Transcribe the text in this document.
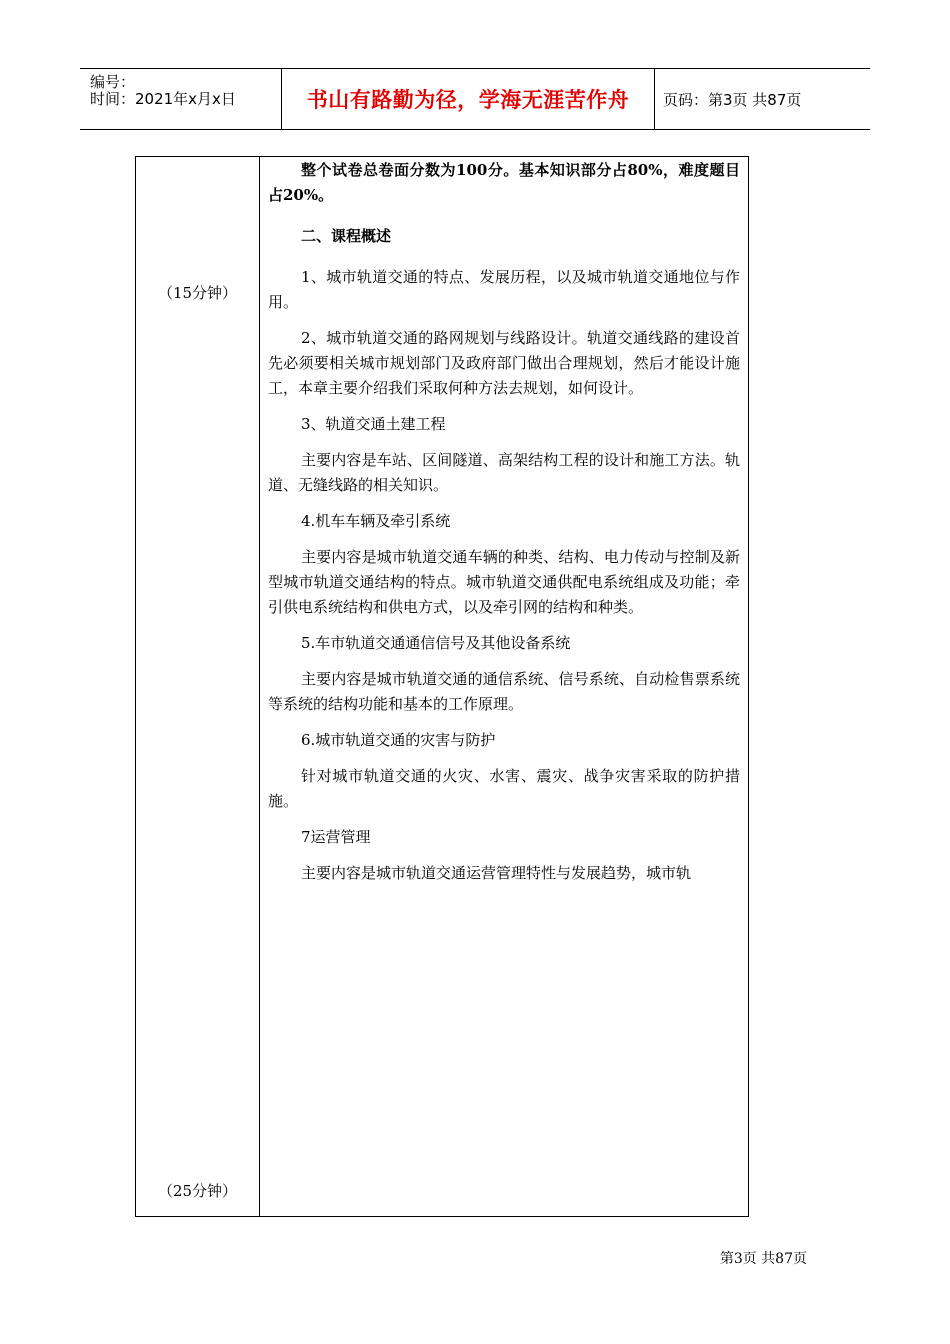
编号：
时间：2021年x月x日	书山有路勤为径，学海无涯苦作舟	页码：第3页 共87页
（15分钟）
（25分钟）

整个试卷总卷面分数为100分。基本知识部分占80%，难度题目占20%。

二、课程概述

1、城市轨道交通的特点、发展历程，以及城市轨道交通地位与作用。

2、城市轨道交通的路网规划与线路设计。轨道交通线路的建设首先必须要相关城市规划部门及政府部门做出合理规划，然后才能设计施工，本章主要介绍我们采取何种方法去规划，如何设计。

3、轨道交通土建工程

主要内容是车站、区间隧道、高架结构工程的设计和施工方法。轨道、无缝线路的相关知识。

4.机车车辆及牵引系统

主要内容是城市轨道交通车辆的种类、结构、电力传动与控制及新型城市轨道交通结构的特点。城市轨道交通供配电系统组成及功能；牵引供电系统结构和供电方式，以及牵引网的结构和种类。

5.车市轨道交通通信信号及其他设备系统

主要内容是城市轨道交通的通信系统、信号系统、自动检售票系统等系统的结构功能和基本的工作原理。

6.城市轨道交通的灾害与防护

针对城市轨道交通的火灾、水害、震灾、战争灾害采取的防护措施。

7运营管理

主要内容是城市轨道交通运营管理特性与发展趋势，城市轨

第3页 共87页
